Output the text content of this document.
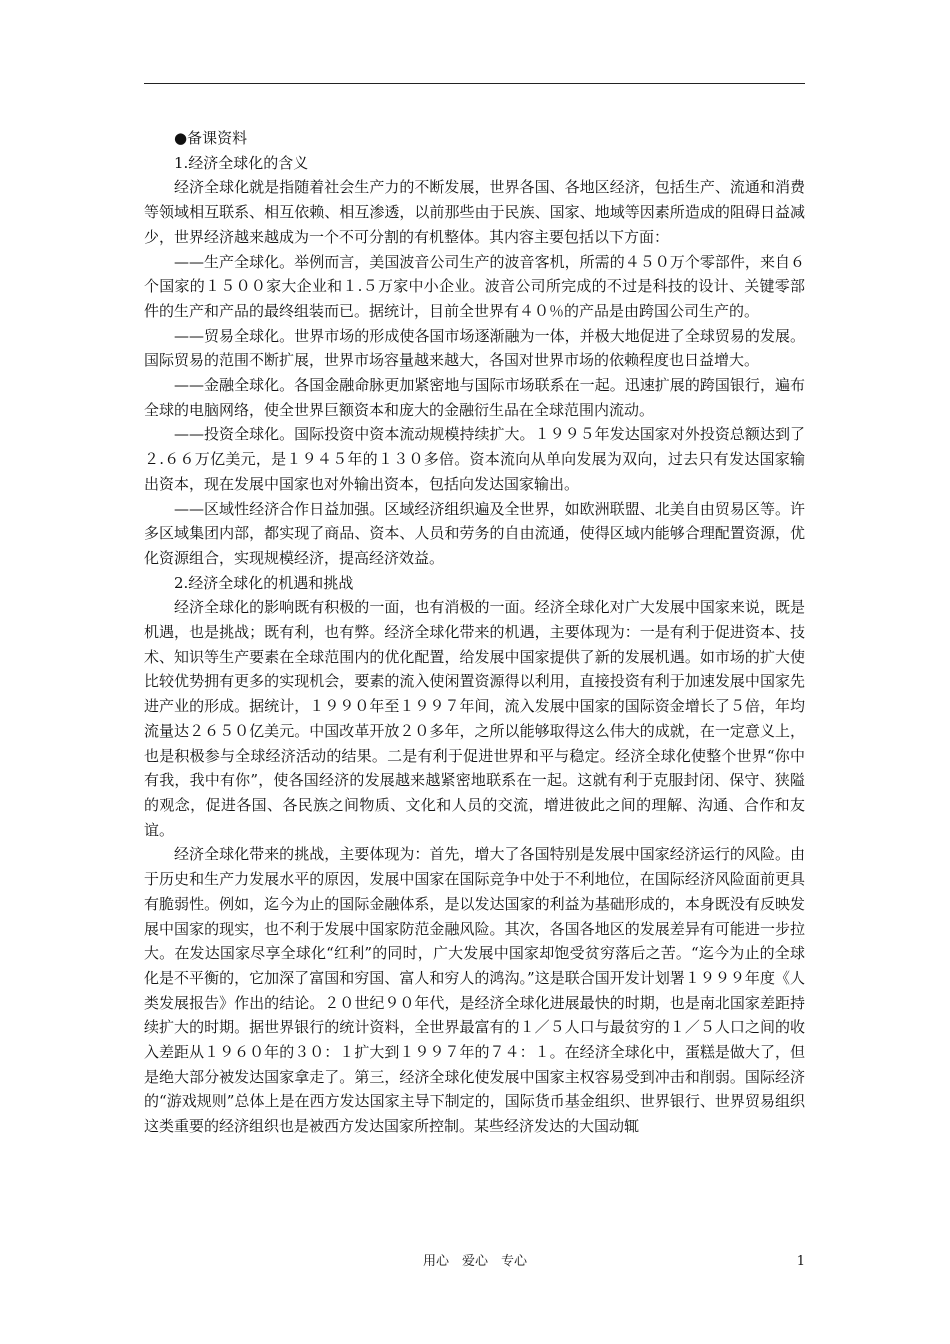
●备课资料

1.经济全球化的含义

经济全球化就是指随着社会生产力的不断发展，世界各国、各地区经济，包括生产、流通和消费等领域相互联系、相互依赖、相互渗透，以前那些由于民族、国家、地域等因素所造成的阻碍日益减少，世界经济越来越成为一个不可分割的有机整体。其内容主要包括以下方面：

——生产全球化。举例而言，美国波音公司生产的波音客机，所需的４５０万个零部件，来自６个国家的１５００家大企业和１.５万家中小企业。波音公司所完成的不过是科技的设计、关键零部件的生产和产品的最终组装而已。据统计，目前全世界有４０％的产品是由跨国公司生产的。

——贸易全球化。世界市场的形成使各国市场逐渐融为一体，并极大地促进了全球贸易的发展。国际贸易的范围不断扩展，世界市场容量越来越大，各国对世界市场的依赖程度也日益增大。

——金融全球化。各国金融命脉更加紧密地与国际市场联系在一起。迅速扩展的跨国银行，遍布全球的电脑网络，使全世界巨额资本和庞大的金融衍生品在全球范围内流动。

——投资全球化。国际投资中资本流动规模持续扩大。１９９５年发达国家对外投资总额达到了２.６６万亿美元，是１９４５年的１３０多倍。资本流向从单向发展为双向，过去只有发达国家输出资本，现在发展中国家也对外输出资本，包括向发达国家输出。

——区域性经济合作日益加强。区域经济组织遍及全世界，如欧洲联盟、北美自由贸易区等。许多区域集团内部，都实现了商品、资本、人员和劳务的自由流通，使得区域内能够合理配置资源，优化资源组合，实现规模经济，提高经济效益。

2.经济全球化的机遇和挑战

经济全球化的影响既有积极的一面，也有消极的一面。经济全球化对广大发展中国家来说，既是机遇，也是挑战；既有利，也有弊。经济全球化带来的机遇，主要体现为：一是有利于促进资本、技术、知识等生产要素在全球范围内的优化配置，给发展中国家提供了新的发展机遇。如市场的扩大使比较优势拥有更多的实现机会，要素的流入使闲置资源得以利用，直接投资有利于加速发展中国家先进产业的形成。据统计，１９９０年至１９９７年间，流入发展中国家的国际资金增长了５倍，年均流量达２６５０亿美元。中国改革开放２０多年，之所以能够取得这么伟大的成就，在一定意义上，也是积极参与全球经济活动的结果。二是有利于促进世界和平与稳定。经济全球化使整个世界“你中有我，我中有你”，使各国经济的发展越来越紧密地联系在一起。这就有利于克服封闭、保守、狭隘的观念，促进各国、各民族之间物质、文化和人员的交流，增进彼此之间的理解、沟通、合作和友谊。

经济全球化带来的挑战，主要体现为：首先，增大了各国特别是发展中国家经济运行的风险。由于历史和生产力发展水平的原因，发展中国家在国际竞争中处于不利地位，在国际经济风险面前更具有脆弱性。例如，迄今为止的国际金融体系，是以发达国家的利益为基础形成的，本身既没有反映发展中国家的现实，也不利于发展中国家防范金融风险。其次，各国各地区的发展差异有可能进一步拉大。在发达国家尽享全球化“红利”的同时，广大发展中国家却饱受贫穷落后之苦。“迄今为止的全球化是不平衡的，它加深了富国和穷国、富人和穷人的鸿沟。”这是联合国开发计划署１９９９年度《人类发展报告》作出的结论。２０世纪９０年代，是经济全球化进展最快的时期，也是南北国家差距持续扩大的时期。据世界银行的统计资料，全世界最富有的１／５人口与最贫穷的１／５人口之间的收入差距从１９６０年的３０：１扩大到１９９７年的７４：１。在经济全球化中，蛋糕是做大了，但是绝大部分被发达国家拿走了。第三，经济全球化使发展中国家主权容易受到冲击和削弱。国际经济的“游戏规则”总体上是在西方发达国家主导下制定的，国际货币基金组织、世界银行、世界贸易组织这类重要的经济组织也是被西方发达国家所控制。某些经济发达的大国动辄

用心　爱心　专心	1
